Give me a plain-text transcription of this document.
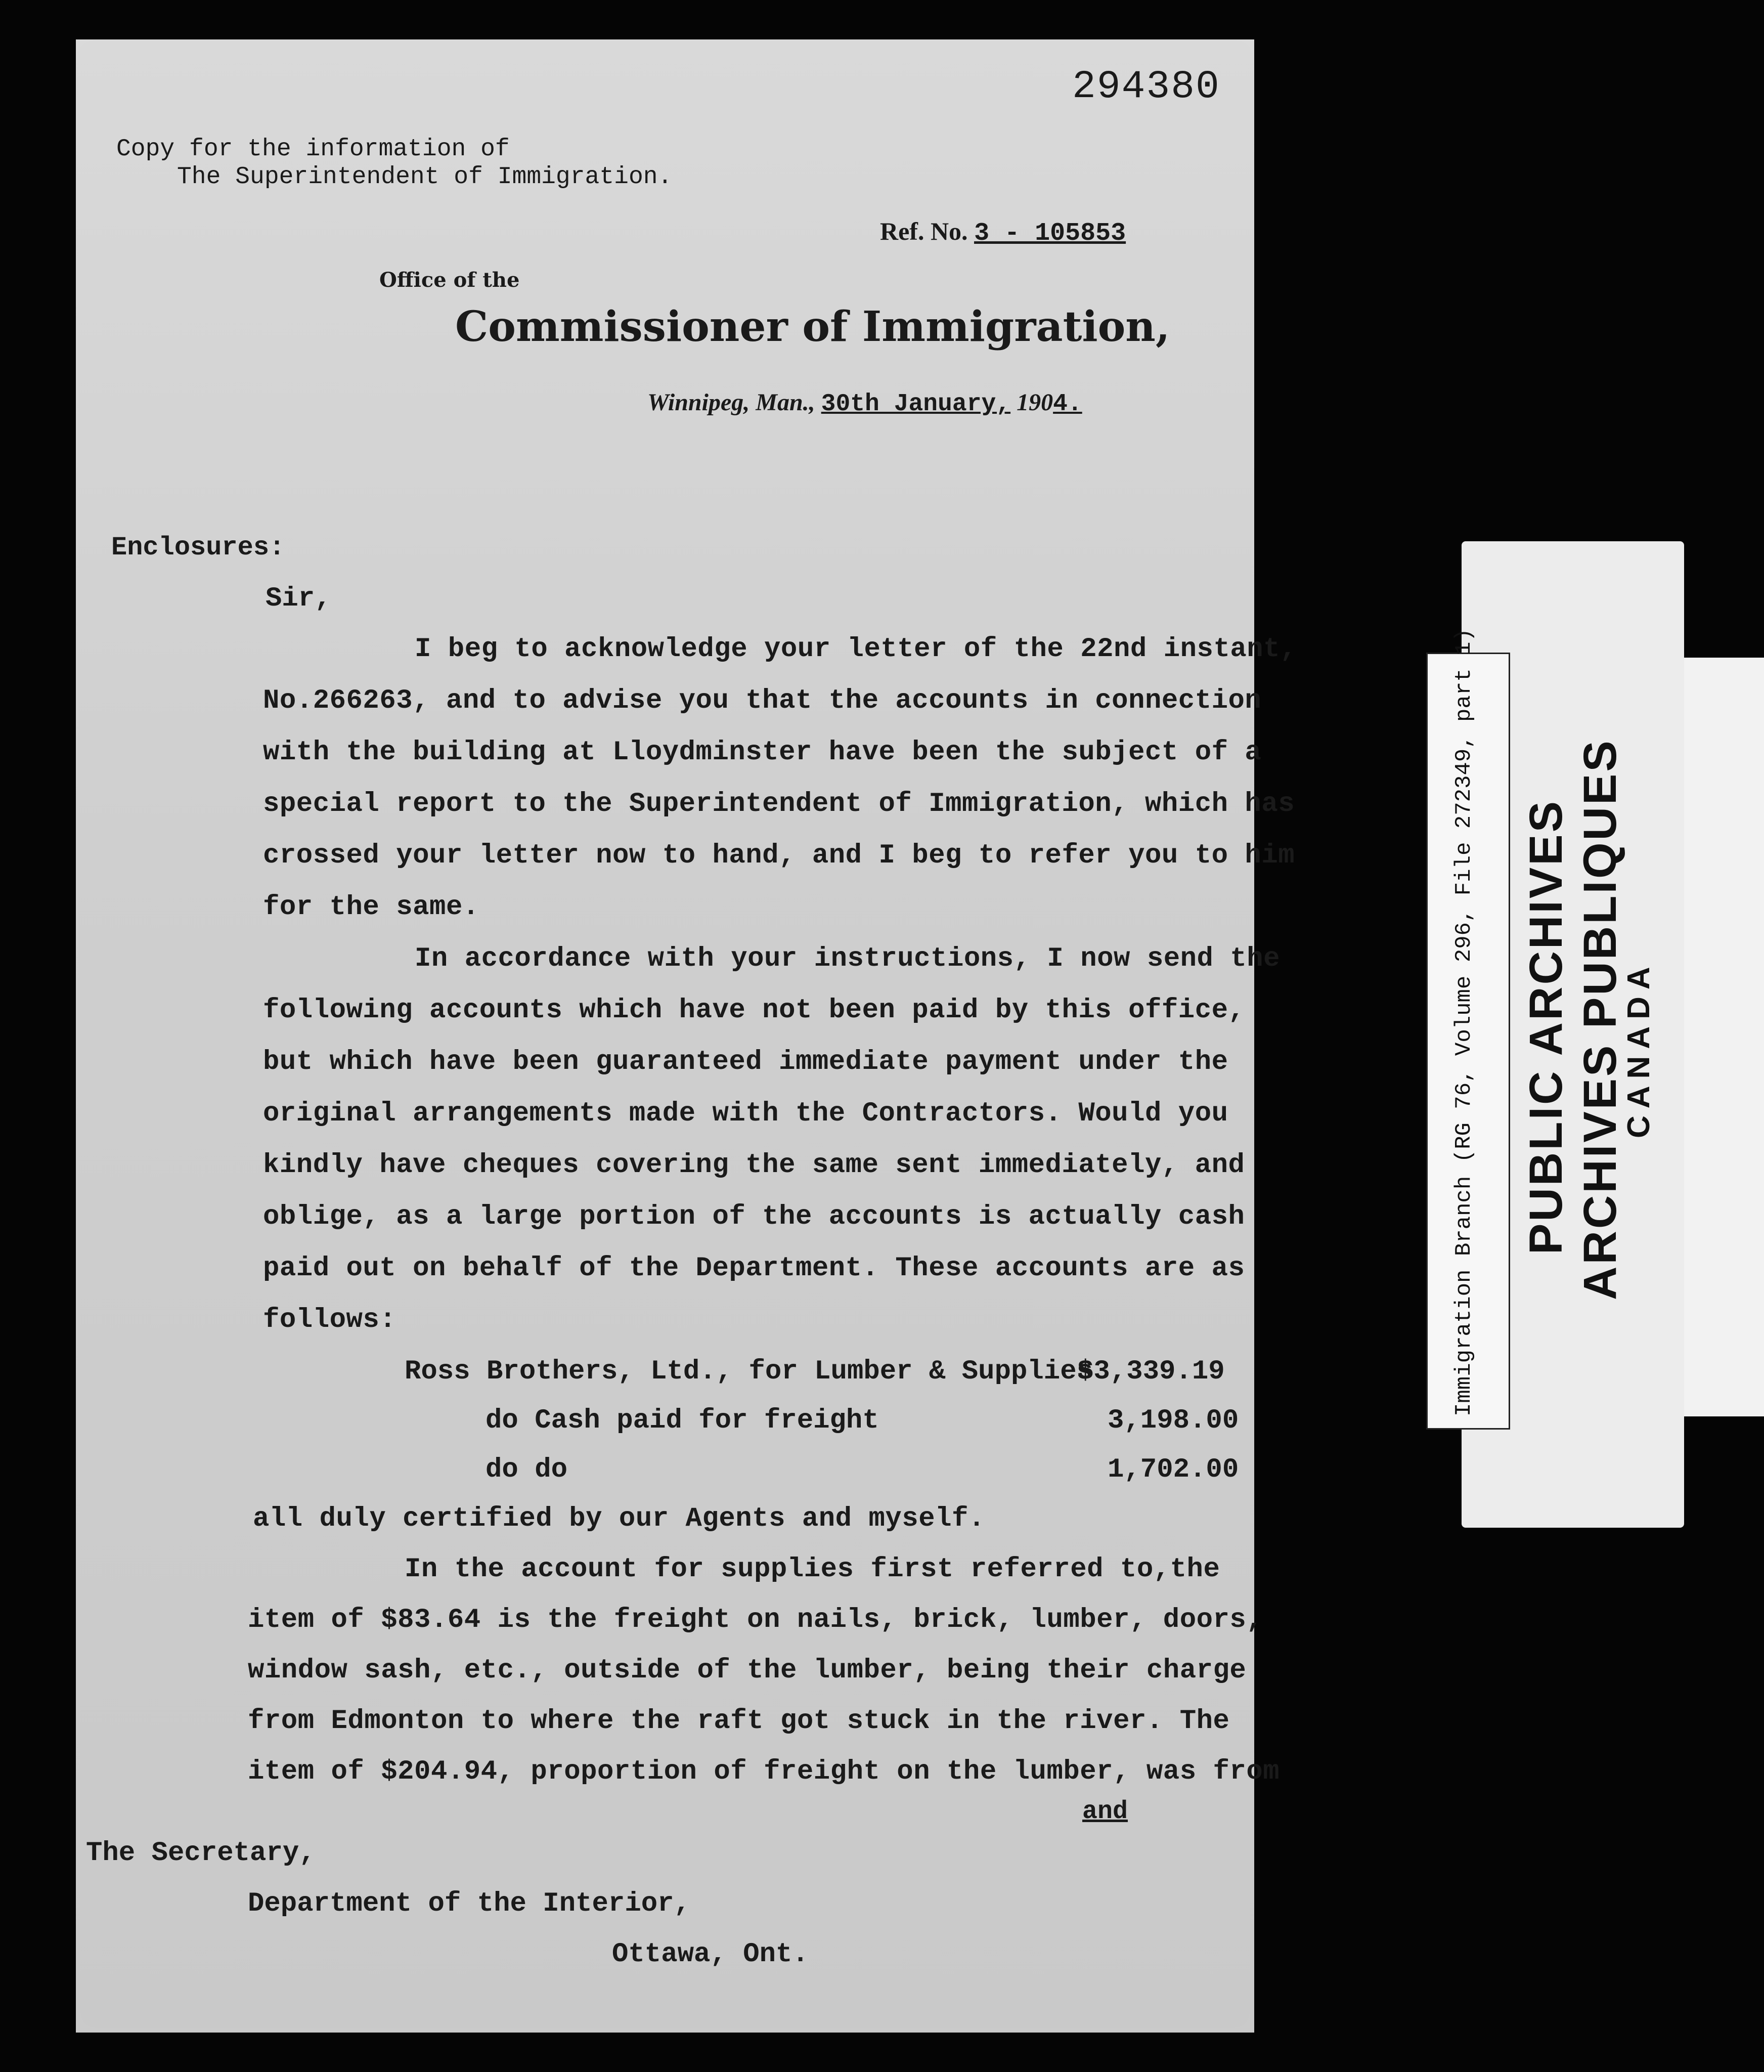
294380
Copy for the information of
The Superintendent of Immigration.
Ref. No. 3 - 105853
Office of the
Commissioner of Immigration,
Winnipeg, Man., 30th January, 1904.
Enclosures:
Sir,
I beg to acknowledge your letter of the 22nd instant,
No.266263, and to advise you that the accounts in connection
with the building at Lloydminster have been the subject of a
special report to the Superintendent of Immigration, which has
crossed your letter now to hand, and I beg to refer you to him
for the same.
In accordance with your instructions, I now send the
following accounts which have not been paid by this office,
but which have been guaranteed immediate payment under the
original arrangements made with the Contractors. Would you
kindly have cheques covering the same sent immediately, and
oblige, as a large portion of the accounts is actually cash
paid out on behalf of the Department. These accounts are as
follows:
Ross Brothers, Ltd., for Lumber & Supplies
$3,339.19
do Cash paid for freight	3,198.00
do do	1,702.00
all duly certified by our Agents and myself.
In the account for supplies first referred to,the
item of $83.64 is the freight on nails, brick, lumber, doors,
window sash, etc., outside of the lumber, being their charge
from Edmonton to where the raft got stuck in the river. The
item of $204.94, proportion of freight on the lumber, was from
and
The Secretary,
Department of the Interior,
Ottawa, Ont.
Immigration Branch (RG 76, Volume 296, File 272349, part 1) PUBLIC ARCHIVES ARCHIVES PUBLIQUES
CANADA
